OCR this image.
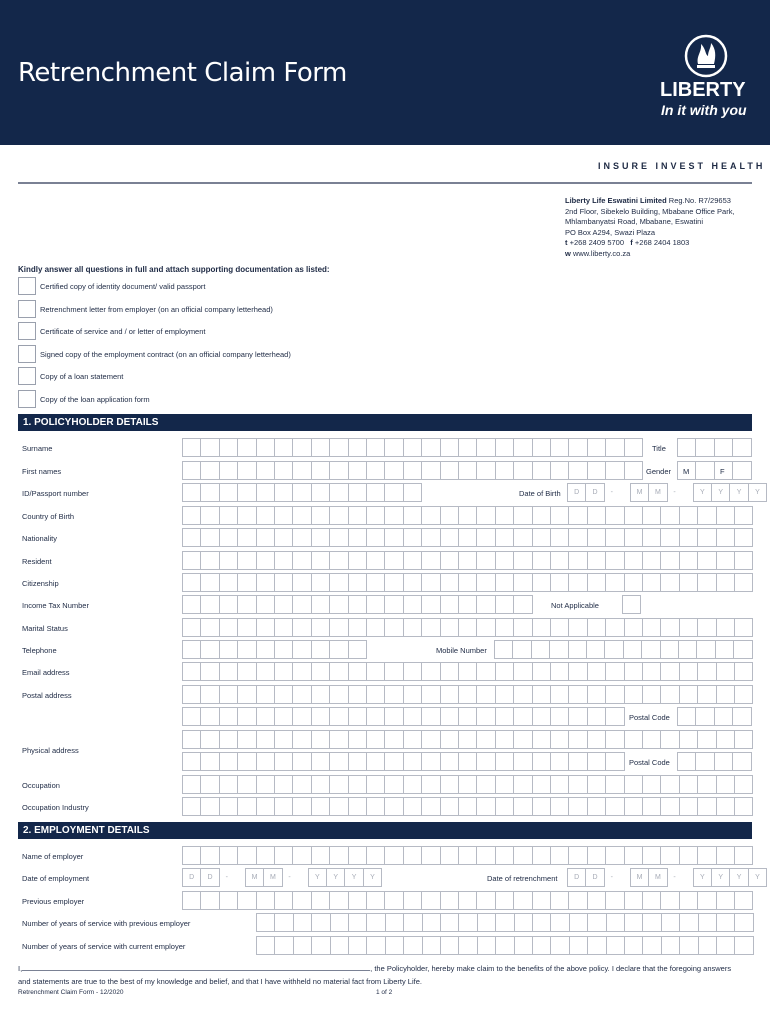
Retrenchment Claim Form
LIBERTY
In it with you
INSURE INVEST HEALTH
Liberty Life Eswatini Limited Reg.No. R7/29653
2nd Floor, Sibekelo Building, Mbabane Office Park,
Mhlambanyatsi Road, Mbabane, Eswatini
PO Box A294, Swazi Plaza
t +268 2409 5700 f +268 2404 1803
w www.liberty.co.za
Kindly answer all questions in full and attach supporting documentation as listed:
Certified copy of identity document/ valid passport
Retrenchment letter from employer (on an official company letterhead)
Certificate of service and / or letter of employment
Signed copy of the employment contract (on an official company letterhead)
Copy of a loan statement
Copy of the loan application form
1. POLICYHOLDER DETAILS
Surname	Title
First names	Gender M	F
ID/Passport number	Date of Birth	D	D	-	M	M	-	Y	Y	Y	Y
Country of Birth
Nationality
Resident
Citizenship
Income Tax Number	Not Applicable
Marital Status
Telephone	Mobile Number
Email address
Postal address
Postal Code
Physical address
Postal Code
Occupation
Occupation Industry
2. EMPLOYMENT DETAILS
Name of employer
Date of employment	D	D	-	M	M	-	Y	Y	Y	Y	Date of retrenchment	D	D	-	M	M	-	Y	Y	Y	Y
Previous employer
Number of years of service with previous employer
Number of years of service with current employer
I,	, the Policyholder, hereby make claim to the benefits of the above policy. I declare that the foregoing answers
and statements are true to the best of my knowledge and belief, and that I have withheld no material fact from Liberty Life.
Retrenchment Claim Form - 12/2020	1 of 2
